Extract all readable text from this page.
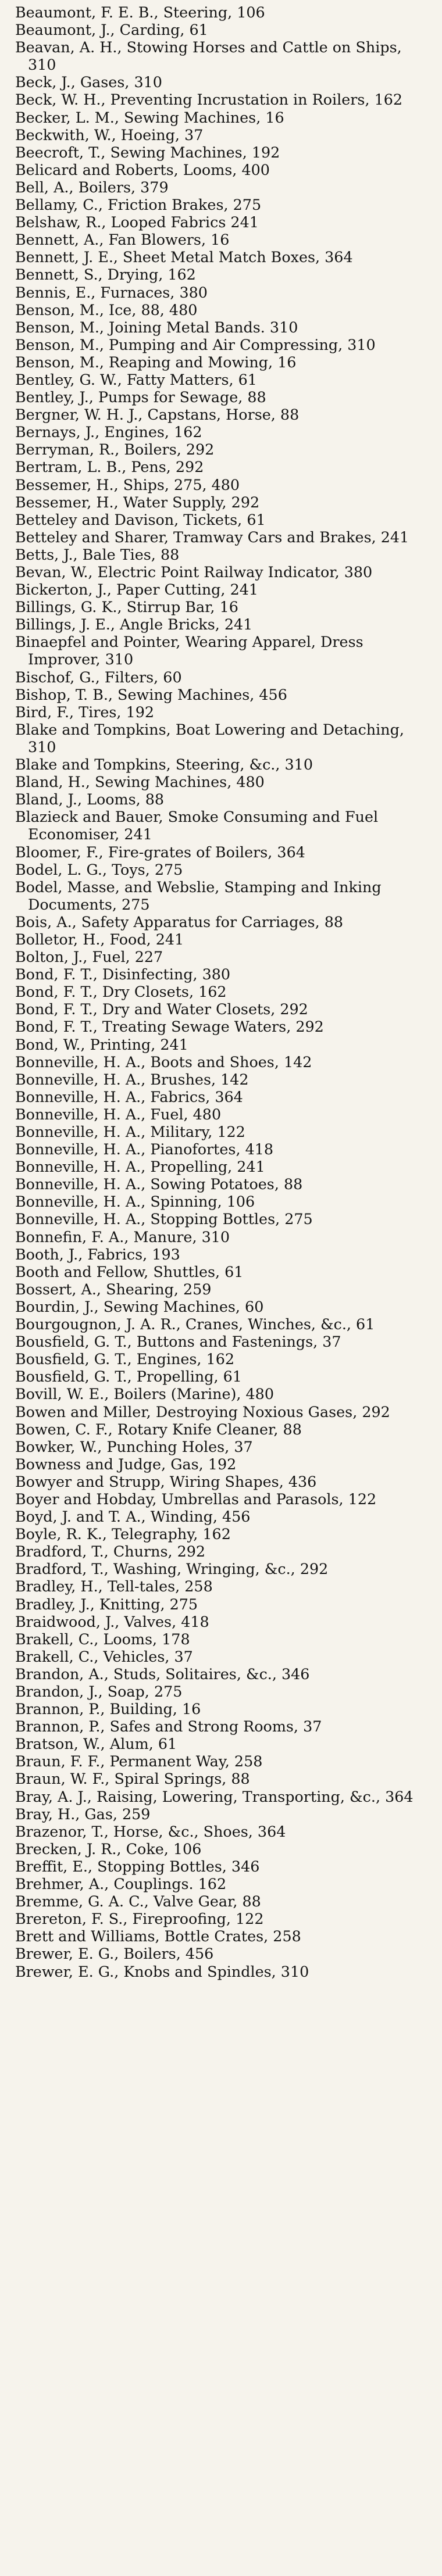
Beaumont, F. E. B., Steering, 106
Beaumont, J., Carding, 61
Beavan, A. H., Stowing Horses and Cattle on Ships, 310
Beck, J., Gases, 310
Beck, W. H., Preventing Incrustation in Roilers, 162
Becker, L. M., Sewing Machines, 16
Beckwith, W., Hoeing, 37
Beecroft, T., Sewing Machines, 192
Belicard and Roberts, Looms, 400
Bell, A., Boilers, 379
Bellamy, C., Friction Brakes, 275
Belshaw, R., Looped Fabrics 241
Bennett, A., Fan Blowers, 16
Bennett, J. E., Sheet Metal Match Boxes, 364
Bennett, S., Drying, 162
Bennis, E., Furnaces, 380
Benson, M., Ice, 88, 480
Benson, M., Joining Metal Bands. 310
Benson, M., Pumping and Air Compressing, 310
Benson, M., Reaping and Mowing, 16
Bentley, G. W., Fatty Matters, 61
Bentley, J., Pumps for Sewage, 88
Bergner, W. H. J., Capstans, Horse, 88
Bernays, J., Engines, 162
Berryman, R., Boilers, 292
Bertram, L. B., Pens, 292
Bessemer, H., Ships, 275, 480
Bessemer, H., Water Supply, 292
Betteley and Davison, Tickets, 61
Betteley and Sharer, Tramway Cars and Brakes, 241
Betts, J., Bale Ties, 88
Bevan, W., Electric Point Railway Indicator, 380
Bickerton, J., Paper Cutting, 241
Billings, G. K., Stirrup Bar, 16
Billings, J. E., Angle Bricks, 241
Binaepfel and Pointer, Wearing Apparel, Dress Improver, 310
Bischof, G., Filters, 60
Bishop, T. B., Sewing Machines, 456
Bird, F., Tires, 192
Blake and Tompkins, Boat Lowering and Detaching, 310
Blake and Tompkins, Steering, &c., 310
Bland, H., Sewing Machines, 480
Bland, J., Looms, 88
Blazieck and Bauer, Smoke Consuming and Fuel Economiser, 241
Bloomer, F., Fire-grates of Boilers, 364
Bodel, L. G., Toys, 275
Bodel, Masse, and Webslie, Stamping and Inking Documents, 275
Bois, A., Safety Apparatus for Carriages, 88
Bolletor, H., Food, 241
Bolton, J., Fuel, 227
Bond, F. T., Disinfecting, 380
Bond, F. T., Dry Closets, 162
Bond, F. T., Dry and Water Closets, 292
Bond, F. T., Treating Sewage Waters, 292
Bond, W., Printing, 241
Bonneville, H. A., Boots and Shoes, 142
Bonneville, H. A., Brushes, 142
Bonneville, H. A., Fabrics, 364
Bonneville, H. A., Fuel, 480
Bonneville, H. A., Military, 122
Bonneville, H. A., Pianofortes, 418
Bonneville, H. A., Propelling, 241
Bonneville, H. A., Sowing Potatoes, 88
Bonneville, H. A., Spinning, 106
Bonneville, H. A., Stopping Bottles, 275
Bonnefin, F. A., Manure, 310
Booth, J., Fabrics, 193
Booth and Fellow, Shuttles, 61
Bossert, A., Shearing, 259
Bourdin, J., Sewing Machines, 60
Bourgougnon, J. A. R., Cranes, Winches, &c., 61
Bousfield, G. T., Buttons and Fastenings, 37
Bousfield, G. T., Engines, 162
Bousfield, G. T., Propelling, 61
Bovill, W. E., Boilers (Marine), 480
Bowen and Miller, Destroying Noxious Gases, 292
Bowen, C. F., Rotary Knife Cleaner, 88
Bowker, W., Punching Holes, 37
Bowness and Judge, Gas, 192
Bowyer and Strupp, Wiring Shapes, 436
Boyer and Hobday, Umbrellas and Parasols, 122
Boyd, J. and T. A., Winding, 456
Boyle, R. K., Telegraphy, 162
Bradford, T., Churns, 292
Bradford, T., Washing, Wringing, &c., 292
Bradley, H., Tell-tales, 258
Bradley, J., Knitting, 275
Braidwood, J., Valves, 418
Brakell, C., Looms, 178
Brakell, C., Vehicles, 37
Brandon, A., Studs, Solitaires, &c., 346
Brandon, J., Soap, 275
Brannon, P., Building, 16
Brannon, P., Safes and Strong Rooms, 37
Bratson, W., Alum, 61
Braun, F. F., Permanent Way, 258
Braun, W. F., Spiral Springs, 88
Bray, A. J., Raising, Lowering, Transporting, &c., 364
Bray, H., Gas, 259
Brazenor, T., Horse, &c., Shoes, 364
Brecken, J. R., Coke, 106
Breffit, E., Stopping Bottles, 346
Brehmer, A., Couplings. 162
Bremme, G. A. C., Valve Gear, 88
Brereton, F. S., Fireproofing, 122
Brett and Williams, Bottle Crates, 258
Brewer, E. G., Boilers, 456
Brewer, E. G., Knobs and Spindles, 310
